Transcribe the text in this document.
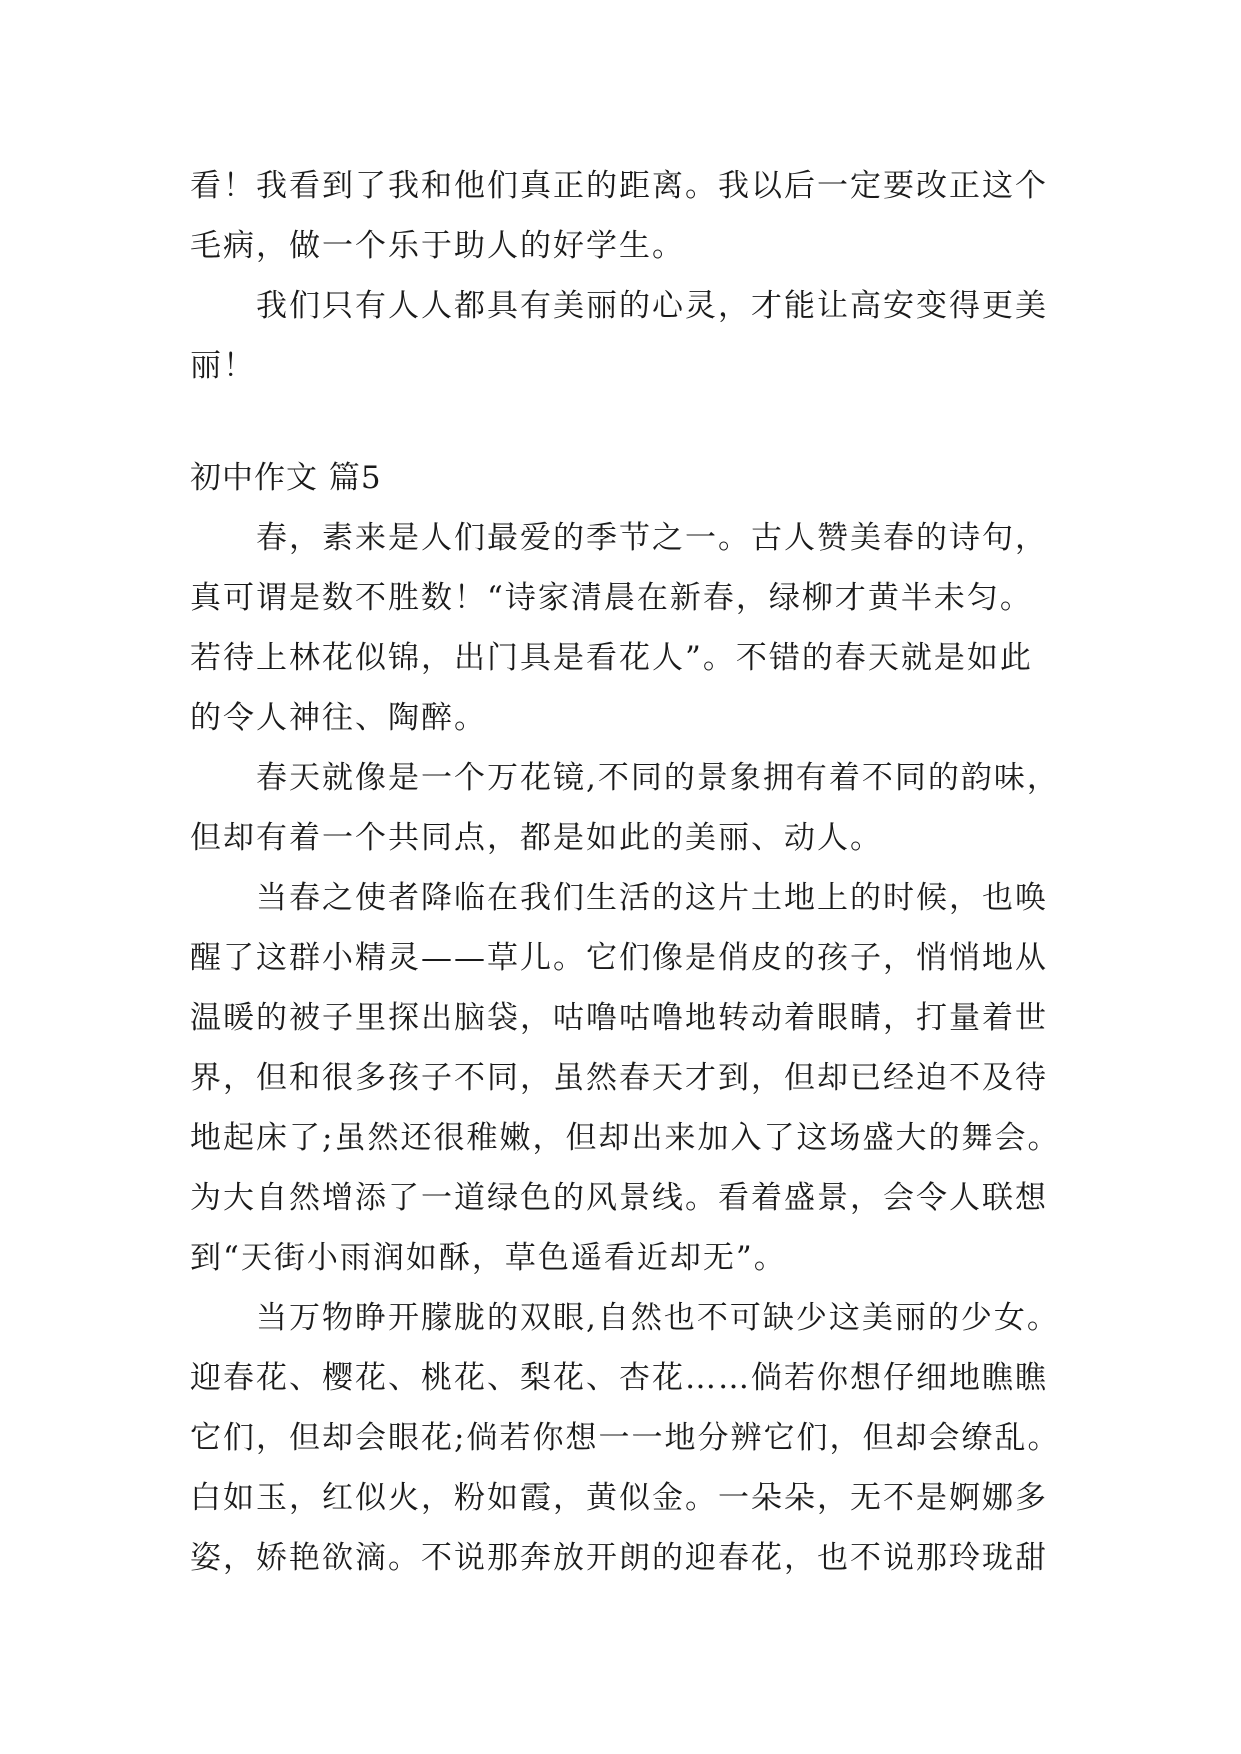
看！我看到了我和他们真正的距离。我以后一定要改正这个
毛病，做一个乐于助人的好学生。
我们只有人人都具有美丽的心灵，才能让高安变得更美
丽！
初中作文 篇5
春，素来是人们最爱的季节之一。古人赞美春的诗句，
真可谓是数不胜数！“诗家清晨在新春，绿柳才黄半未匀。
若待上林花似锦，出门具是看花人”。不错的春天就是如此
的令人神往、陶醉。
春天就像是一个万花镜,不同的景象拥有着不同的韵味，
但却有着一个共同点，都是如此的美丽、动人。
当春之使者降临在我们生活的这片土地上的时候，也唤
醒了这群小精灵——草儿。它们像是俏皮的孩子，悄悄地从
温暖的被子里探出脑袋，咕噜咕噜地转动着眼睛，打量着世
界，但和很多孩子不同，虽然春天才到，但却已经迫不及待
地起床了;虽然还很稚嫩，但却出来加入了这场盛大的舞会。
为大自然增添了一道绿色的风景线。看着盛景，会令人联想
到“天街小雨润如酥，草色遥看近却无”。
当万物睁开朦胧的双眼,自然也不可缺少这美丽的少女。
迎春花、樱花、桃花、梨花、杏花……倘若你想仔细地瞧瞧
它们，但却会眼花;倘若你想一一地分辨它们，但却会缭乱。
白如玉，红似火，粉如霞，黄似金。一朵朵，无不是婀娜多
姿，娇艳欲滴。不说那奔放开朗的迎春花，也不说那玲珑甜
